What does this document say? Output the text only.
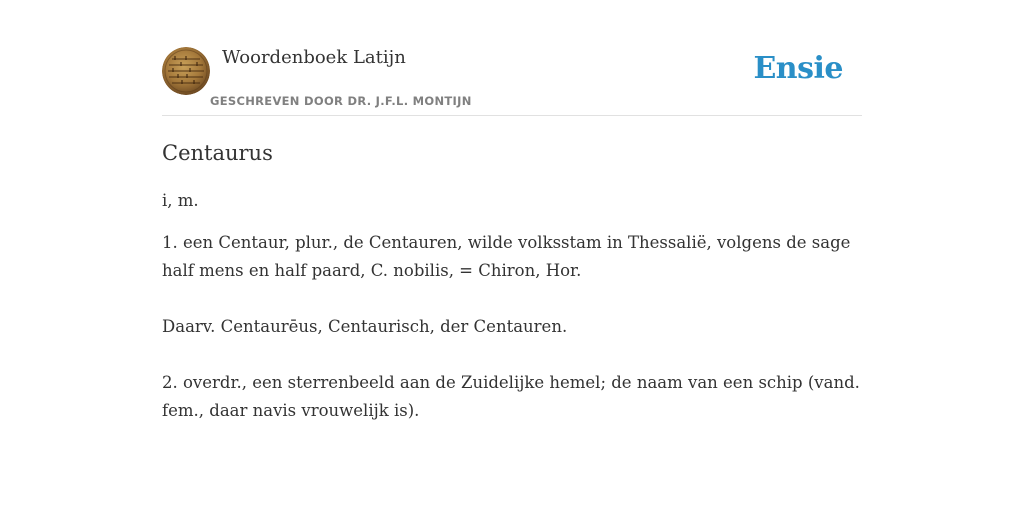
Woordenboek Latijn
GESCHREVEN DOOR DR. J.F.L. MONTIJN
Ensie
Centaurus

i, m.

1. een Centaur, plur., de Centauren, wilde volksstam in Thessalië, volgens de sage half mens en half paard, C. nobilis, = Chiron, Hor.

Daarv. Centaurēus, Centaurisch, der Centauren.

2. overdr., een sterrenbeeld aan de Zuidelijke hemel; de naam van een schip (vand. fem., daar navis vrouwelijk is).
